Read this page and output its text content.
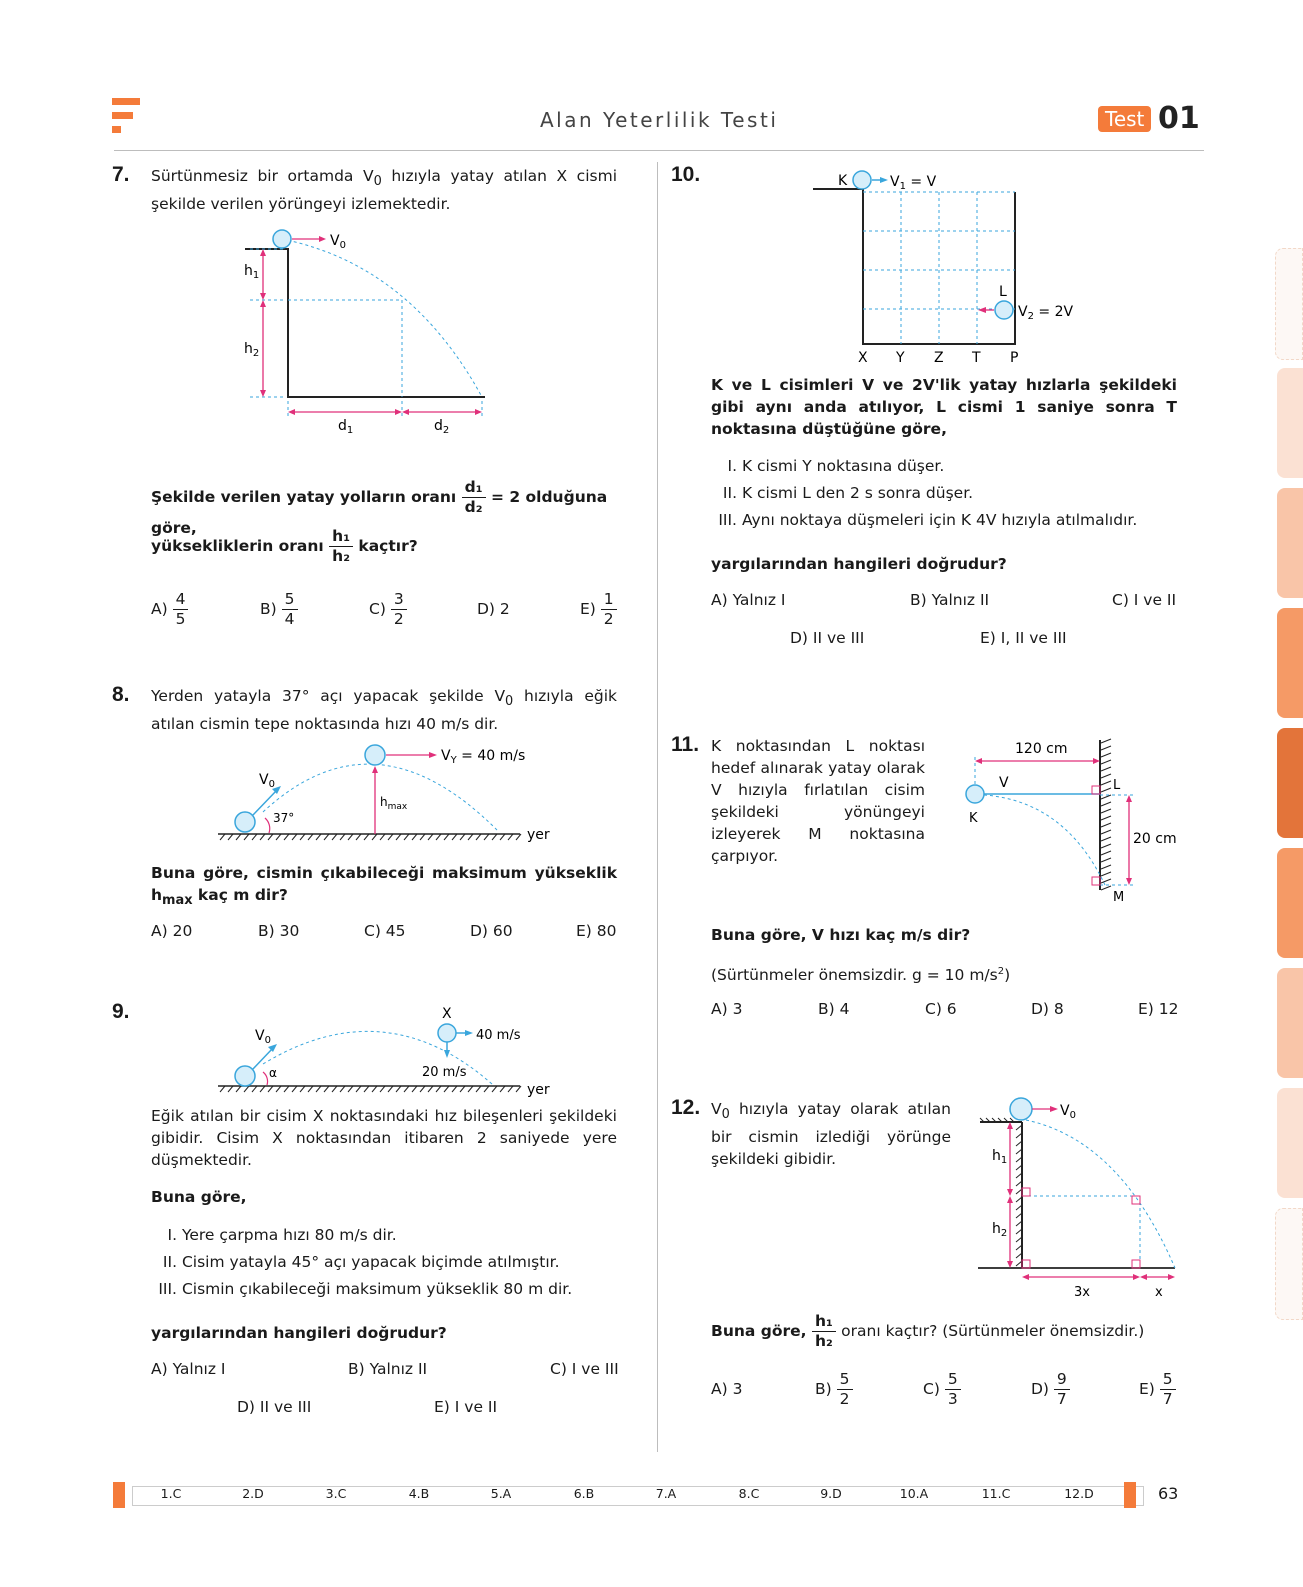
Alan Yeterlilik Testi	Test 01
7. Sürtünmesiz bir ortamda $V_0$ hızıyla yatay atılan X cismi şekilde verilen yörüngeyi izlemektedir.
$V_0$
$h_1$
$h_2$
$d_1$	$d_2$
Şekilde verilen yatay yolların oranı $\frac{\text{d₁}}{\text{d₂}} = 2$ olduğuna göre,
yüksekliklerin oranı $\frac{\text{h₁}}{\text{h₂}}$ kaçtır?
$A) \frac{4}{5}$	$B) \frac{5}{4}$	$C) \frac{3}{2}$	D) 2	$E) \frac{1}{2}$
8. Yerden yatayla 37° açı yapacak şekilde $V_0$ hızıyla eğik atılan cismin tepe noktasında hızı 40 m/s dir.
yer
$V_0$
37°
$V_Y = 40$ m/s
$h_{max}$
Buna göre, cismin çıkabileceği maksimum yükseklik $h_{max}$ kaç m dir?
A) 20	B) 30	C) 45	D) 60	E) 80
9.
yer
$V_0$
α
X
40 m/s
20 m/s
Eğik atılan bir cisim X noktasındaki hız bileşenleri şekildeki gibidir. Cisim X noktasından itibaren 2 saniyede yere düşmektedir.
Buna göre,
I. Yere çarpma hızı 80 m/s dir.
II. Cisim yatayla 45° açı yapacak biçimde atılmıştır.
III. Cismin çıkabileceği maksimum yükseklik 80 m dir.
yargılarından hangileri doğrudur?
A) Yalnız I	B) Yalnız II	C) I ve III
D) II ve III	E) I ve II
10.	K	$V_1 = V$
L
$V_2 = 2V$
X Y Z T P
K ve L cisimleri V ve 2V'lik yatay hızlarla şekildeki gibi aynı anda atılıyor, L cismi 1 saniye sonra T noktasına düştüğüne göre,
I. K cismi Y noktasına düşer.
II. K cismi L den 2 s sonra düşer.
III. Aynı noktaya düşmeleri için K 4V hızıyla atılmalıdır.
yargılarından hangileri doğrudur?
A) Yalnız I	B) Yalnız II	C) I ve II
D) II ve III	E) I, II ve III
11. K noktasından L noktası hedef alınarak yatay olarak V hızıyla fırlatılan cisim şekildeki yönüngeyi izleyerek M noktasına çarpıyor.
120 cm
V
K
L
20 cm
M
Buna göre, V hızı kaç m/s dir?
(Sürtünmeler önemsizdir. g = 10 $m/s^2$)
A) 3	B) 4	C) 6	D) 8	E) 12
12. $V_0$ hızıyla yatay olarak atılan bir cismin izlediği yörünge şekildeki gibidir.
$V_0$
$h_1$
$h_2$
3x	x
Buna göre, $\frac{\text{h₁}}{\text{h₂}}$ oranı kaçtır? (Sürtünmeler önemsizdir.)
A) 3	$B) \frac{5}{2}$	$C) \frac{5}{3}$	$D) \frac{9}{7}$	$E) \frac{5}{7}$
1.C	2.D	3.C	4.B	5.A	6.B	7.A	8.C	9.D	10.A	11.C	12.D	63
